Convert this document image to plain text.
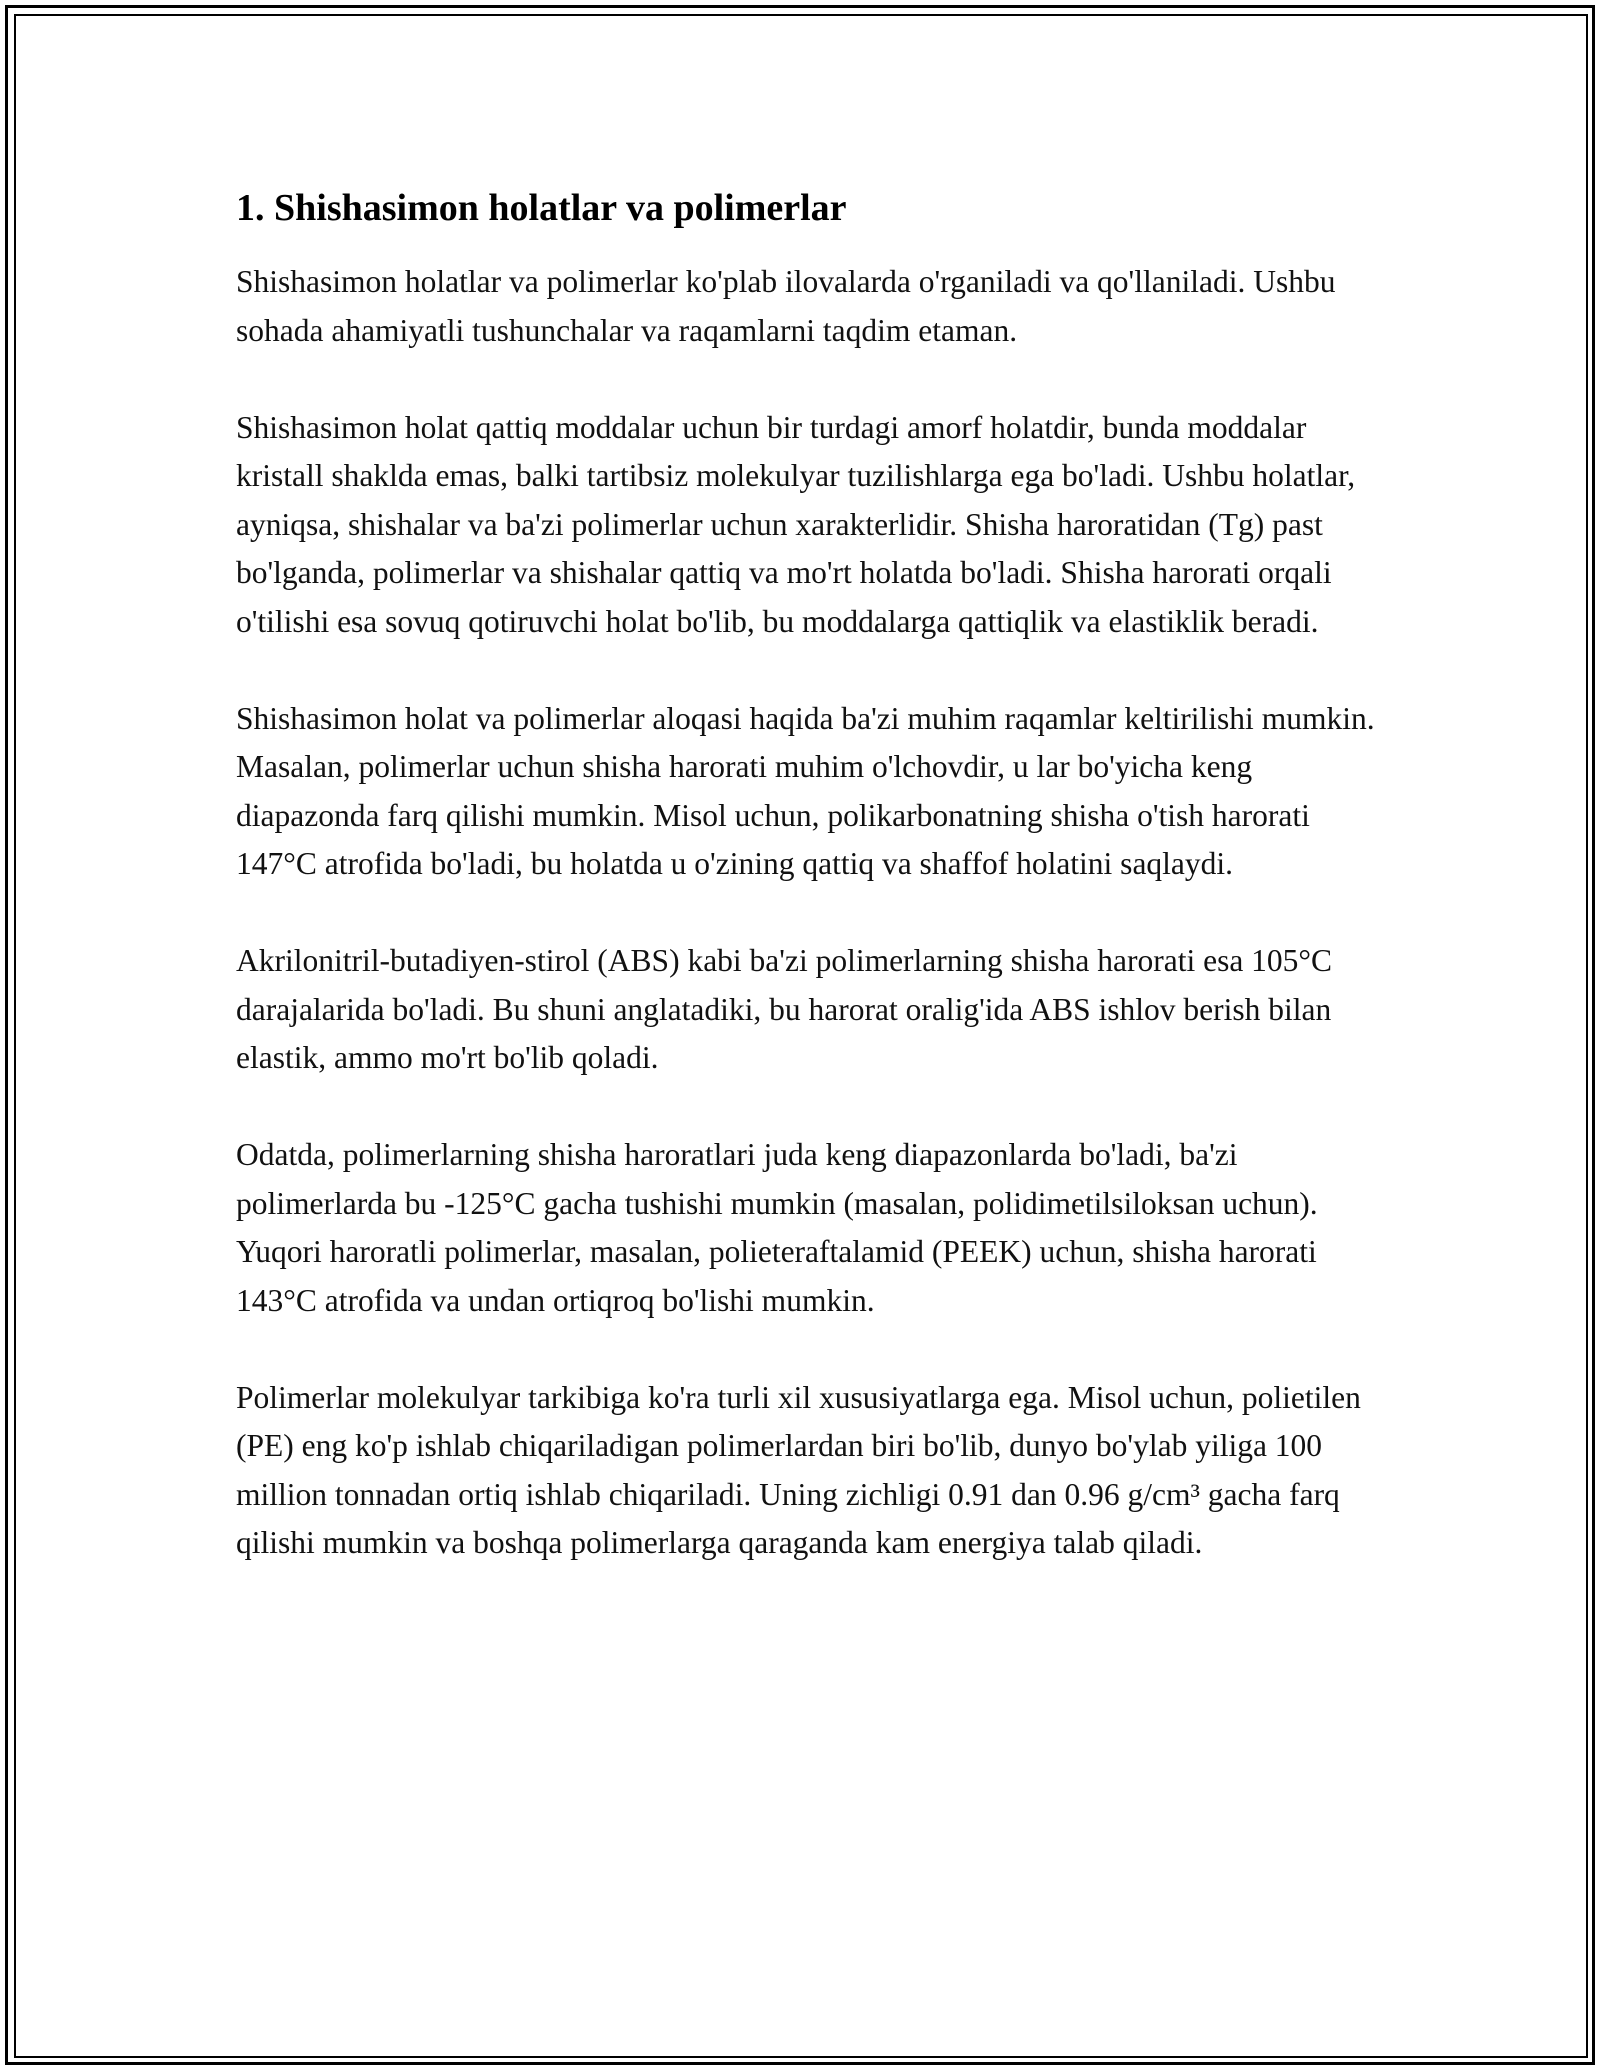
1. Shishasimon holatlar va polimerlar

Shishasimon holatlar va polimerlar ko'plab ilovalarda o'rganiladi va qo'llaniladi. Ushbu sohada ahamiyatli tushunchalar va raqamlarni taqdim etaman.

Shishasimon holat qattiq moddalar uchun bir turdagi amorf holatdir, bunda moddalar kristall shaklda emas, balki tartibsiz molekulyar tuzilishlarga ega bo'ladi. Ushbu holatlar, ayniqsa, shishalar va ba'zi polimerlar uchun xarakterlidir. Shisha haroratidan (Tg) past bo'lganda, polimerlar va shishalar qattiq va mo'rt holatda bo'ladi. Shisha harorati orqali o'tilishi esa sovuq qotiruvchi holat bo'lib, bu moddalarga qattiqlik va elastiklik beradi.

Shishasimon holat va polimerlar aloqasi haqida ba'zi muhim raqamlar keltirilishi mumkin. Masalan, polimerlar uchun shisha harorati muhim o'lchovdir, u lar bo'yicha keng diapazonda farq qilishi mumkin. Misol uchun, polikarbonatning shisha o'tish harorati 147°C atrofida bo'ladi, bu holatda u o'zining qattiq va shaffof holatini saqlaydi.

Akrilonitril-butadiyen-stirol (ABS) kabi ba'zi polimerlarning shisha harorati esa 105°C darajalarida bo'ladi. Bu shuni anglatadiki, bu harorat oralig'ida ABS ishlov berish bilan elastik, ammo mo'rt bo'lib qoladi.

Odatda, polimerlarning shisha haroratlari juda keng diapazonlarda bo'ladi, ba'zi polimerlarda bu -125°C gacha tushishi mumkin (masalan, polidimetilsiloksan uchun). Yuqori haroratli polimerlar, masalan, polieteraftalamid (PEEK) uchun, shisha harorati 143°C atrofida va undan ortiqroq bo'lishi mumkin.

Polimerlar molekulyar tarkibiga ko'ra turli xil xususiyatlarga ega. Misol uchun, polietilen (PE) eng ko'p ishlab chiqariladigan polimerlardan biri bo'lib, dunyo bo'ylab yiliga 100 million tonnadan ortiq ishlab chiqariladi. Uning zichligi 0.91 dan 0.96 g/cm³ gacha farq qilishi mumkin va boshqa polimerlarga qaraganda kam energiya talab qiladi.
